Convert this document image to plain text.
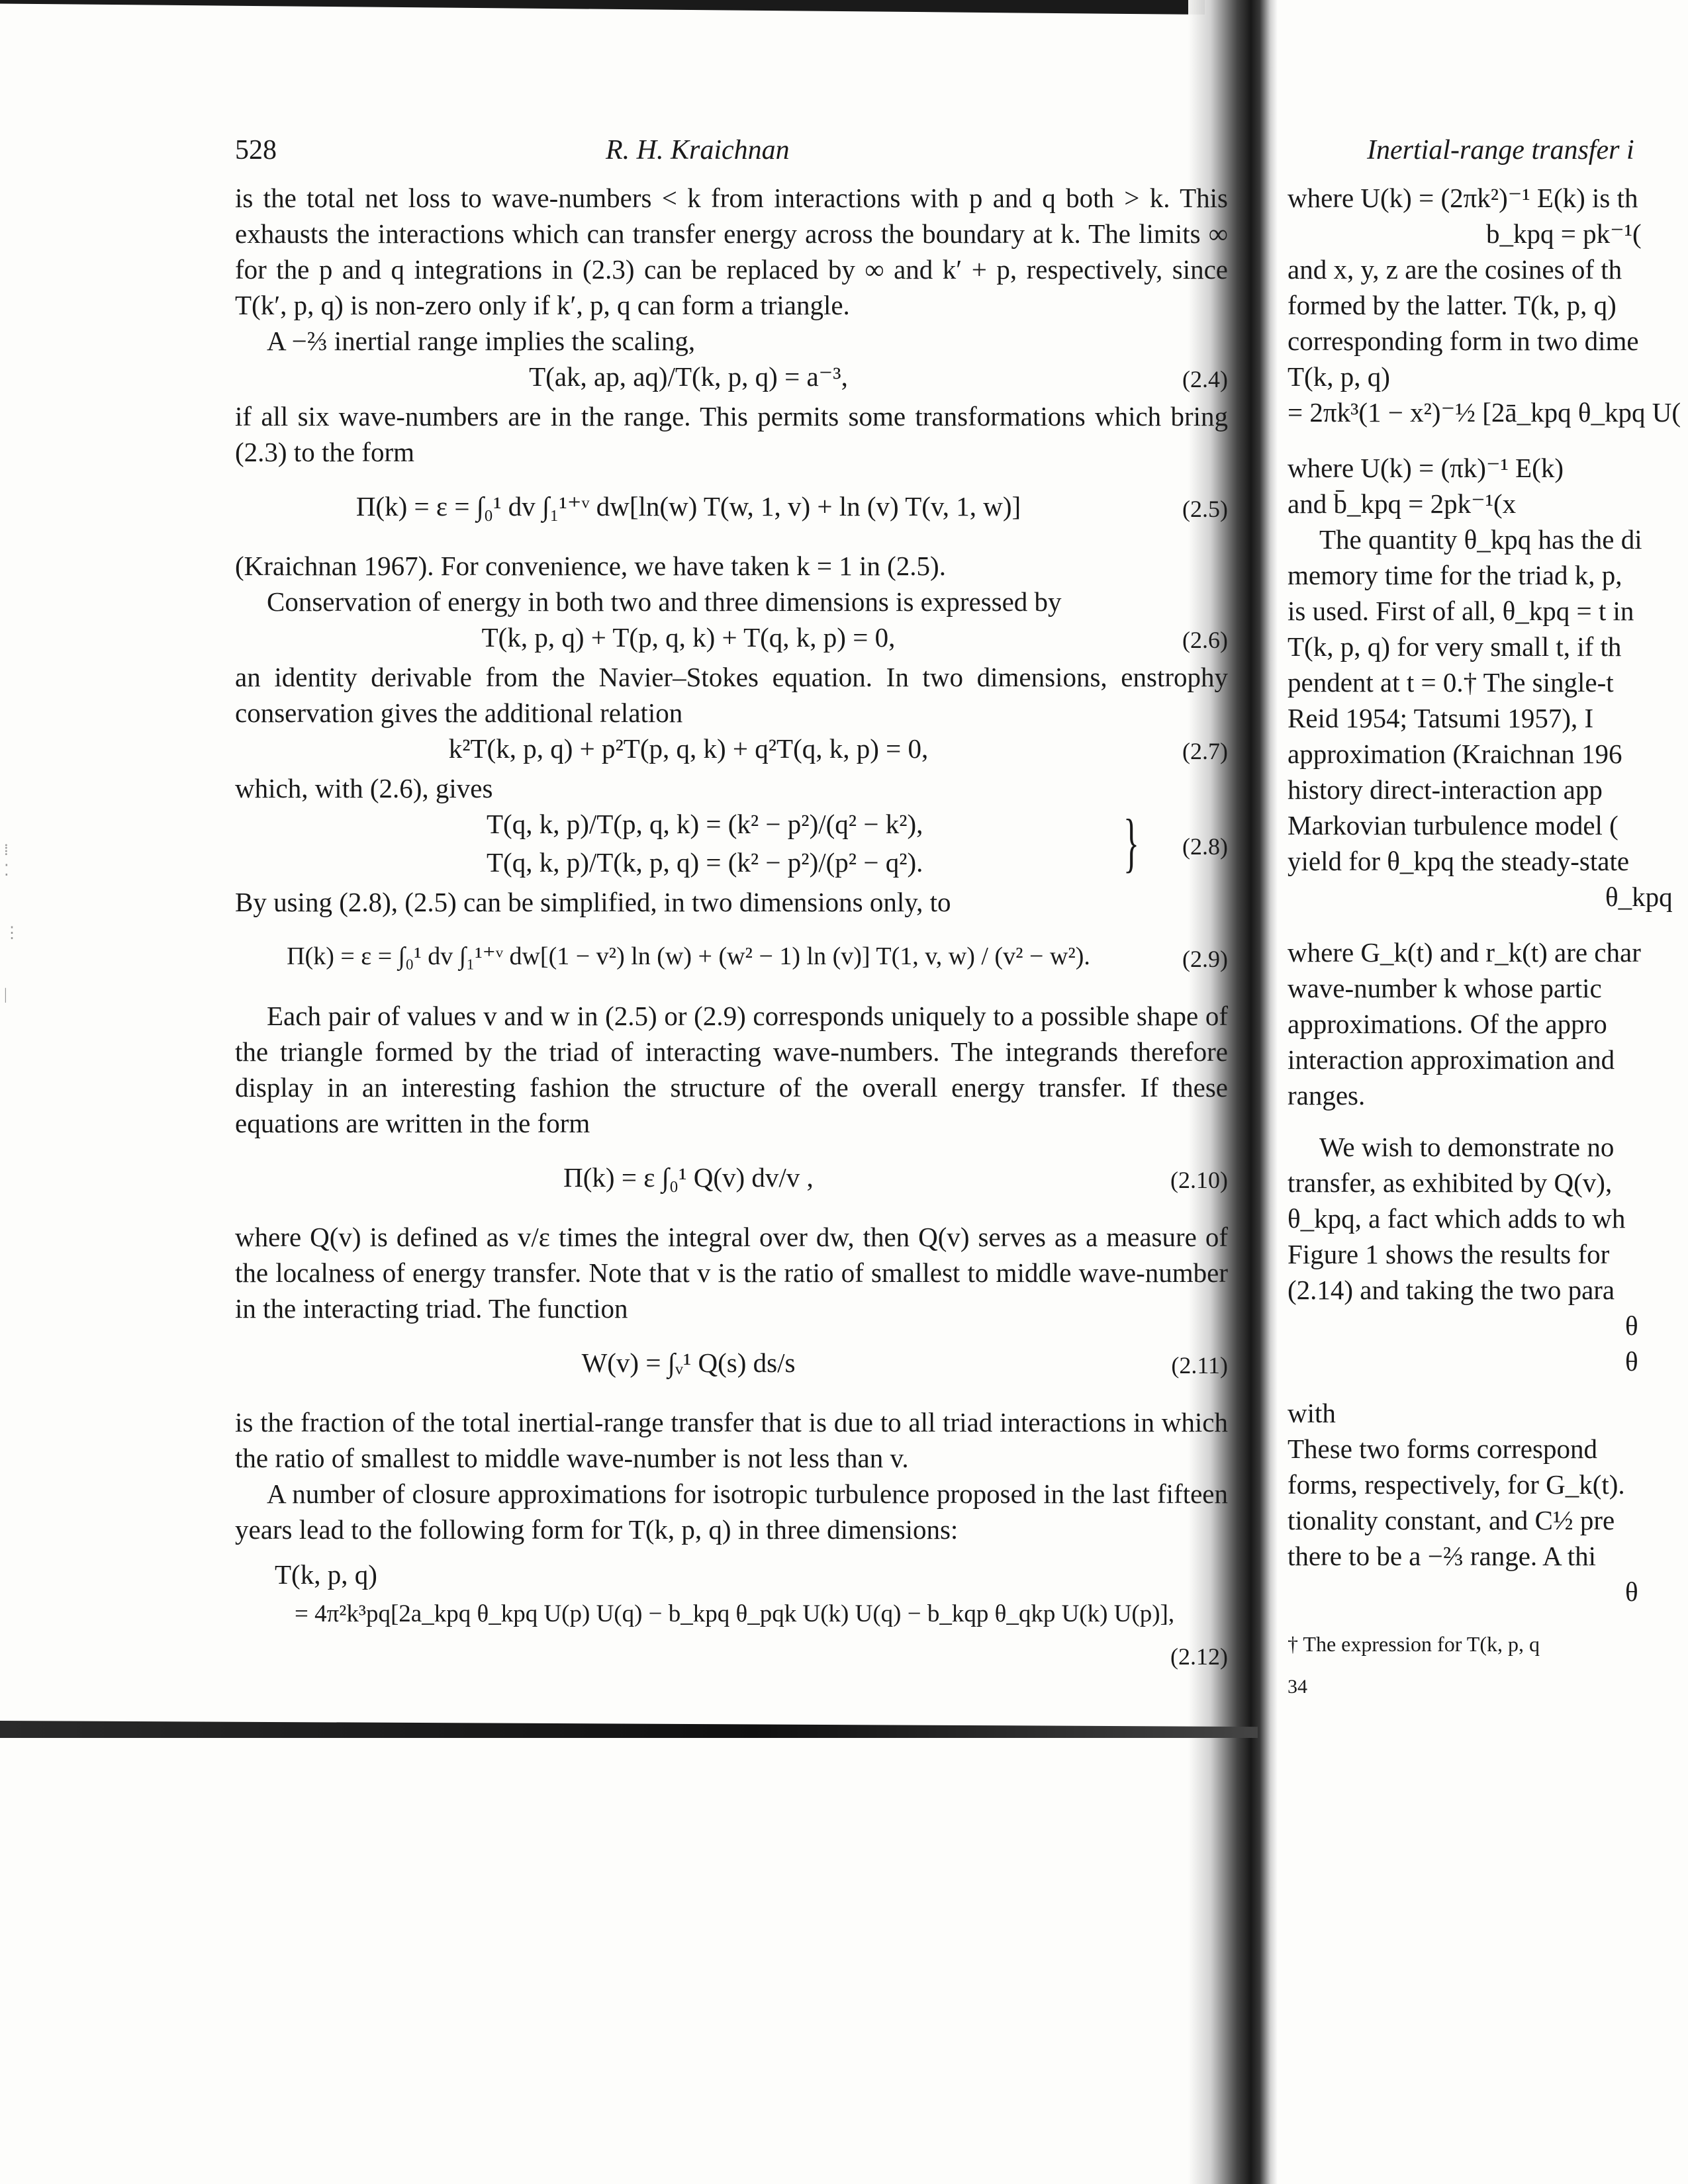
⁞
⁚

⋮

|
528	R. H. Kraichnan

is the total net loss to wave-numbers < k from interactions with p and q both > k. This exhausts the interactions which can transfer energy across the boundary at k. The limits ∞ for the p and q integrations in (2.3) can be replaced by ∞ and k′ + p, respectively, since T(k′, p, q) is non-zero only if k′, p, q can form a triangle.

A −⅔ inertial range implies the scaling,

T(ak, ap, aq)/T(k, p, q) = a⁻³,	(2.4)

if all six wave-numbers are in the range. This permits some transformations which bring (2.3) to the form

Π(k) = ε = ∫₀¹ dv ∫₁¹⁺ᵛ dw[ln(w) T(w, 1, v) + ln (v) T(v, 1, w)]	(2.5)

(Kraichnan 1967). For convenience, we have taken k = 1 in (2.5).

Conservation of energy in both two and three dimensions is expressed by

T(k, p, q) + T(p, q, k) + T(q, k, p) = 0,	(2.6)

an identity derivable from the Navier–Stokes equation. In two dimensions, enstrophy conservation gives the additional relation

k²T(k, p, q) + p²T(p, q, k) + q²T(q, k, p) = 0,	(2.7)

which, with (2.6), gives

T(q, k, p)/T(p, q, k) = (k² − p²)/(q² − k²),
T(q, k, p)/T(k, p, q) = (k² − p²)/(p² − q²).	} (2.8)

By using (2.8), (2.5) can be simplified, in two dimensions only, to

Π(k) = ε = ∫₀¹ dv ∫₁¹⁺ᵛ dw[(1 − v²) ln (w) + (w² − 1) ln (v)] T(1, v, w) / (v² − w²).	(2.9)

Each pair of values v and w in (2.5) or (2.9) corresponds uniquely to a possible shape of the triangle formed by the triad of interacting wave-numbers. The integrands therefore display in an interesting fashion the structure of the overall energy transfer. If these equations are written in the form

Π(k) = ε ∫₀¹ Q(v) dv/v ,	(2.10)

where Q(v) is defined as v/ε times the integral over dw, then Q(v) serves as a measure of the localness of energy transfer. Note that v is the ratio of smallest to middle wave-number in the interacting triad. The function

W(v) = ∫ᵥ¹ Q(s) ds/s	(2.11)

is the fraction of the total inertial-range transfer that is due to all triad interactions in which the ratio of smallest to middle wave-number is not less than v.

A number of closure approximations for isotropic turbulence proposed in the last fifteen years lead to the following form for T(k, p, q) in three dimensions:

T(k, p, q)
= 4π²k³pq[2a_kpq θ_kpq U(p) U(q) − b_kpq θ_pqk U(k) U(q) − b_kqp θ_qkp U(k) U(p)],
(2.12)
Inertial-range transfer i
where U(k) = (2πk²)⁻¹ E(k) is th
b_kpq = pk⁻¹(
and x, y, z are the cosines of th
formed by the latter. T(k, p, q)
corresponding form in two dime
T(k, p, q)
= 2πk³(1 − x²)⁻½ [2ā_kpq θ_kpq U(
where U(k) = (πk)⁻¹ E(k)
and b̄_kpq = 2pk⁻¹(x
The quantity θ_kpq has the di
memory time for the triad k, p,
is used. First of all, θ_kpq = t in
T(k, p, q) for very small t, if th
pendent at t = 0.† The single-t
Reid 1954; Tatsumi 1957), I
approximation (Kraichnan 196
history direct-interaction app
Markovian turbulence model (
yield for θ_kpq the steady-state
θ_kpq
where G_k(t) and r_k(t) are char
wave-number k whose partic
approximations. Of the appro
interaction approximation and
ranges.
We wish to demonstrate no
transfer, as exhibited by Q(v),
θ_kpq, a fact which adds to wh
Figure 1 shows the results for
(2.14) and taking the two para
θ
θ
with
These two forms correspond
forms, respectively, for G_k(t).
tionality constant, and C½ pre
there to be a −⅔ range. A thi
θ
† The expression for T(k, p, q
34
